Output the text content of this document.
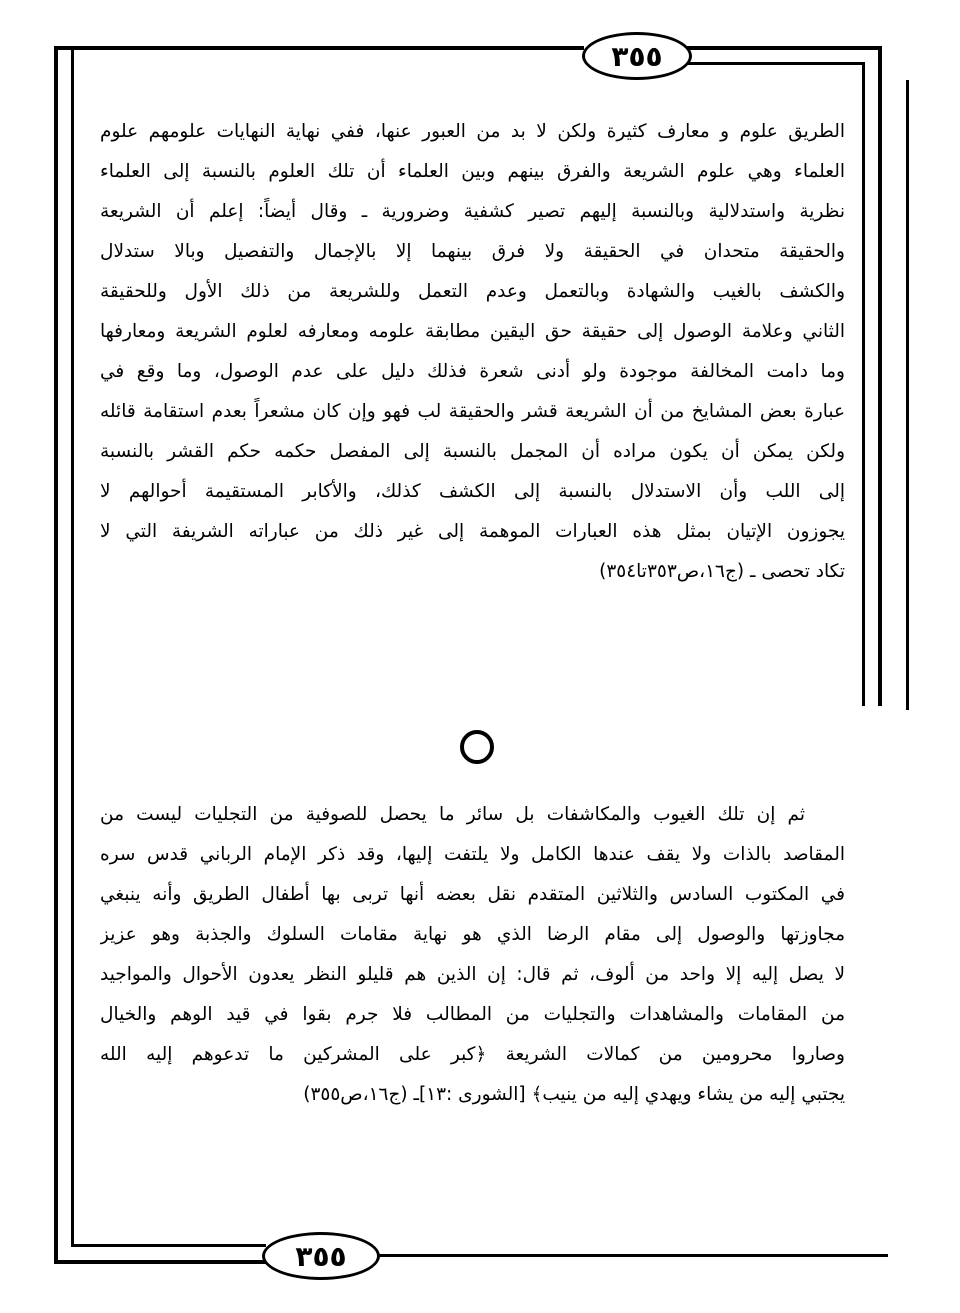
٣٥٥

الطريق علوم و معارف كثيرة ولكن لا بد من العبور عنها، ففي نهاية النهايات علومهم علوم

العلماء وهي علوم الشريعة والفرق بينهم وبين العلماء أن تلك العلوم بالنسبة إلى العلماء

نظرية واستدلالية وبالنسبة إليهم تصير كشفية وضرورية ـ وقال أيضاً: إعلم أن الشريعة

والحقيقة متحدان في الحقيقة ولا فرق بينهما إلا بالإجمال والتفصيل وبالا ستدلال

والكشف بالغيب والشهادة وبالتعمل وعدم التعمل وللشريعة من ذلك الأول وللحقيقة

الثاني وعلامة الوصول إلى حقيقة حق اليقين مطابقة علومه ومعارفه لعلوم الشريعة ومعارفها

وما دامت المخالفة موجودة ولو أدنى شعرة فذلك دليل على عدم الوصول، وما وقع في

عبارة بعض المشايخ من أن الشريعة قشر والحقيقة لب فهو وإن كان مشعراً بعدم استقامة قائله

ولكن يمكن أن يكون مراده أن المجمل بالنسبة إلى المفصل حكمه حكم القشر بالنسبة

إلى اللب وأن الاستدلال بالنسبة إلى الكشف كذلك، والأكابر المستقيمة أحوالهم لا

يجوزون الإتيان بمثل هذه العبارات الموهمة إلى غير ذلك من عباراته الشريفة التي لا

تكاد تحصى ـ (ج١٦،ص٣٥٣تا٣٥٤)

ثم إن تلك الغيوب والمكاشفات بل سائر ما يحصل للصوفية من التجليات ليست من

المقاصد بالذات ولا يقف عندها الكامل ولا يلتفت إليها، وقد ذكر الإمام الرباني قدس سره

في المكتوب السادس والثلاثين المتقدم نقل بعضه أنها تربى بها أطفال الطريق وأنه ينبغي

مجاوزتها والوصول إلى مقام الرضا الذي هو نهاية مقامات السلوك والجذبة وهو عزيز

لا يصل إليه إلا واحد من ألوف، ثم قال: إن الذين هم قليلو النظر يعدون الأحوال والمواجيد

من المقامات والمشاهدات والتجليات من المطالب فلا جرم بقوا في قيد الوهم والخيال

وصاروا محرومين من كمالات الشريعة ﴿كبر على المشركين ما تدعوهم إليه الله

يجتبي إليه من يشاء ويهدي إليه من ينيب﴾ [الشورى :١٣]ـ (ج١٦،ص٣٥٥)

٣٥٥
